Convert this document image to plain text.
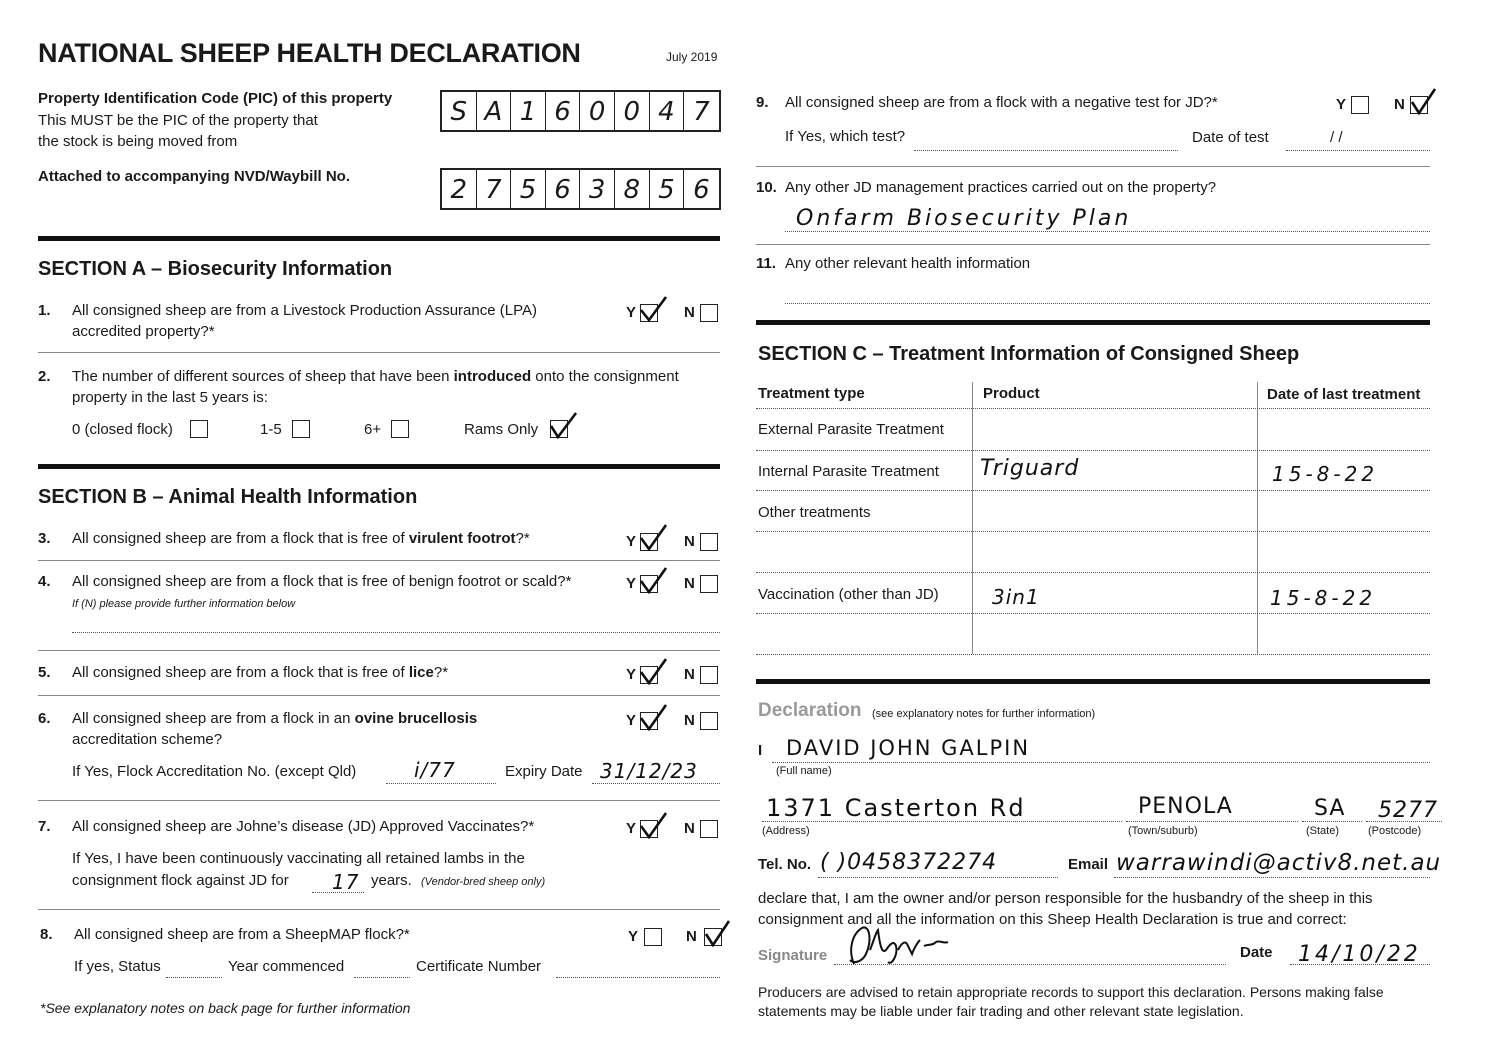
NATIONAL SHEEP HEALTH DECLARATION	July 2019
Property Identification Code (PIC) of this property
This MUST be the PIC of the property that
the stock is being moved from
S A 1 6 0 0 4 7
Attached to accompanying NVD/Waybill No.	2 7 5 6 3 8 5 6
SECTION A – Biosecurity Information
1. All consigned sheep are from a Livestock Production Assurance (LPA)
accredited property?*
Y	N
2. The number of different sources of sheep that have been introduced onto the consignment
property in the last 5 years is:
0 (closed flock)	1-5	6+	Rams Only
SECTION B – Animal Health Information
3. All consigned sheep are from a flock that is free of virulent footrot?*	Y	N
4. All consigned sheep are from a flock that is free of benign footrot or scald?*
If (N) please provide further information below
Y	N
5. All consigned sheep are from a flock that is free of lice?*	Y	N
6. All consigned sheep are from a flock in an ovine brucellosis
accreditation scheme?
Y	N
If Yes, Flock Accreditation No. (except Qld)	i/77	Expiry Date 31/12/23
7. All consigned sheep are Johne’s disease (JD) Approved Vaccinates?*	Y	N
If Yes, I have been continuously vaccinating all retained lambs in the
consignment flock against JD for 17 years. (Vendor-bred sheep only)
8. All consigned sheep are from a SheepMAP flock?*	Y	N
If yes, Status	Year commenced	Certificate Number
*See explanatory notes on back page for further information
9. All consigned sheep are from a flock with a negative test for JD?*	Y	N
If Yes, which test?	Date of test	/ /
10. Any other JD management practices carried out on the property?
Onfarm Biosecurity Plan
11. Any other relevant health information
SECTION C – Treatment Information of Consigned Sheep
Treatment type	Product	Date of last treatment
External Parasite Treatment
Internal Parasite Treatment Triguard	15-8-22
Other treatments
Vaccination (other than JD)	3in1	15-8-22
Declaration (see explanatory notes for further information)
I DAVID JOHN GALPIN
(Full name)
1371 Casterton Rd
(Address)
PENOLA
(Town/suburb)
SA
(State)
5277
(Postcode)
Tel. No. ( )0458372274	Email warrawindi@activ8.net.au
declare that, I am the owner and/or person responsible for the husbandry of the sheep in this
consignment and all the information on this Sheep Health Declaration is true and correct:
Signature	Date 14/10/22
Producers are advised to retain appropriate records to support this declaration. Persons making false
statements may be liable under fair trading and other relevant state legislation.
